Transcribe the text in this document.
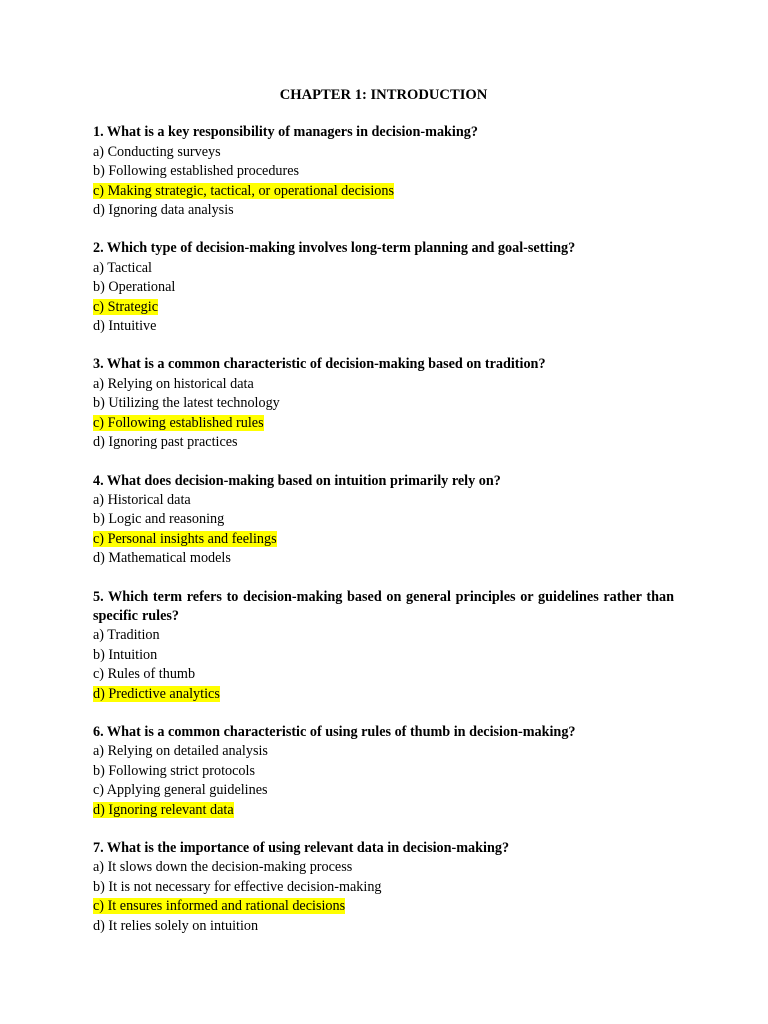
CHAPTER 1: INTRODUCTION

1. What is a key responsibility of managers in decision-making?

a) Conducting surveys

b) Following established procedures

c) Making strategic, tactical, or operational decisions

d) Ignoring data analysis

2. Which type of decision-making involves long-term planning and goal-setting?

a) Tactical

b) Operational

c) Strategic

d) Intuitive

3. What is a common characteristic of decision-making based on tradition?

a) Relying on historical data

b) Utilizing the latest technology

c) Following established rules

d) Ignoring past practices

4. What does decision-making based on intuition primarily rely on?

a) Historical data

b) Logic and reasoning

c) Personal insights and feelings

d) Mathematical models

5. Which term refers to decision-making based on general principles or guidelines rather than specific rules?

a) Tradition

b) Intuition

c) Rules of thumb

d) Predictive analytics

6. What is a common characteristic of using rules of thumb in decision-making?

a) Relying on detailed analysis

b) Following strict protocols

c) Applying general guidelines

d) Ignoring relevant data

7. What is the importance of using relevant data in decision-making?

a) It slows down the decision-making process

b) It is not necessary for effective decision-making

c) It ensures informed and rational decisions

d) It relies solely on intuition
